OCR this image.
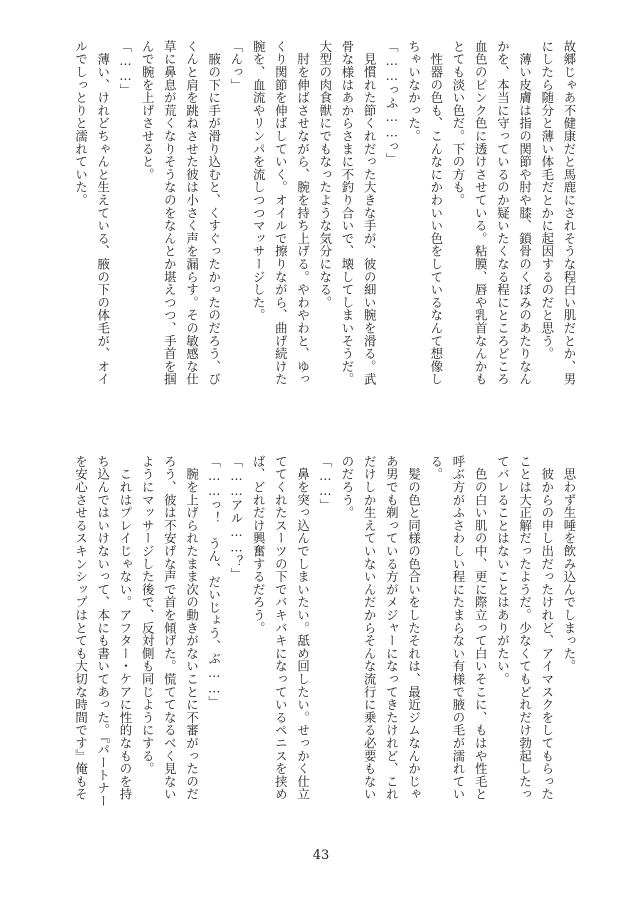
故郷じゃあ不健康だと馬鹿にされそうな程白い肌だとか、男
にしたら随分と薄い体毛だとかに起因するのだと思う。
　薄い皮膚は指の関節や肘や膝、鎖骨のくぼみのあたりなん
かを、本当に守っているのか疑いたくなる程にところどころ
血色のピンク色に透けさせている。粘膜、唇や乳首なんかも
とても淡い色だ。下の方も。
　性器の色も、こんなにかわいい色をしているなんて想像し
ちゃいなかった。
「……っふ……っ」
　見慣れた節くれだった大きな手が、彼の細い腕を滑る。武
骨な様はあからさまに不釣り合いで、壊してしまいそうだ。
大型の肉食獣にでもなったような気分になる。
　肘を伸ばさせながら、腕を持ち上げる。やわやわと、ゆっ
くり関節を伸ばしていく。オイルで擦りながら、曲げ続けた
腕を、血流やリンパを流しつつマッサージした。
「んっ」
　腋の下に手が滑り込むと、くすぐったかったのだろう、び
くんと肩を跳ねさせた彼は小さく声を漏らす。その敏感な仕
草に鼻息が荒くなりそうなのをなんとか堪えつつ、手首を掴
んで腕を上げさせると。
「……」
　薄い、けれどちゃんと生えている、腋の下の体毛が、オイ
ルでしっとりと濡れていた。
　思わず生唾を飲み込んでしまった。
　彼からの申し出だったけれど、アイマスクをしてもらった
ことは大正解だったようだ。少なくてもどれだけ勃起したっ
てバレることはないことはありがたい。
　色の白い肌の中、更に際立って白いそこに、もはや性毛と
呼ぶ方がふさわしい程にたまらない有様で腋の毛が濡れてい
る。
　髪の色と同様の色合いをしたそれは、最近ジムなんかじゃ
あ男でも剃っている方がメジャーになってきたけれど、これ
だけしか生えていないんだからそんな流行に乗る必要もない
のだろう。
「……」
　鼻を突っ込んでしまいたい。舐め回したい。せっかく仕立
ててくれたスーツの下でバキバキになっているペニスを挟め
ば、どれだけ興奮するだろう。
「……アル……？」
「……っ！　うん、だいじょう、ぶ……」
　腕を上げられたまま次の動きがないことに不審がったのだ
ろう、彼は不安げな声で首を傾げた。慌ててなるべく見ない
ようにマッサージした後で、反対側も同じようにする。
　これはプレイじゃない。アフター・ケアに性的なものを持
ち込んではいけないって、本にも書いてあった。『パートナー
を安心させるスキンシップはとても大切な時間です』俺もそ
43
